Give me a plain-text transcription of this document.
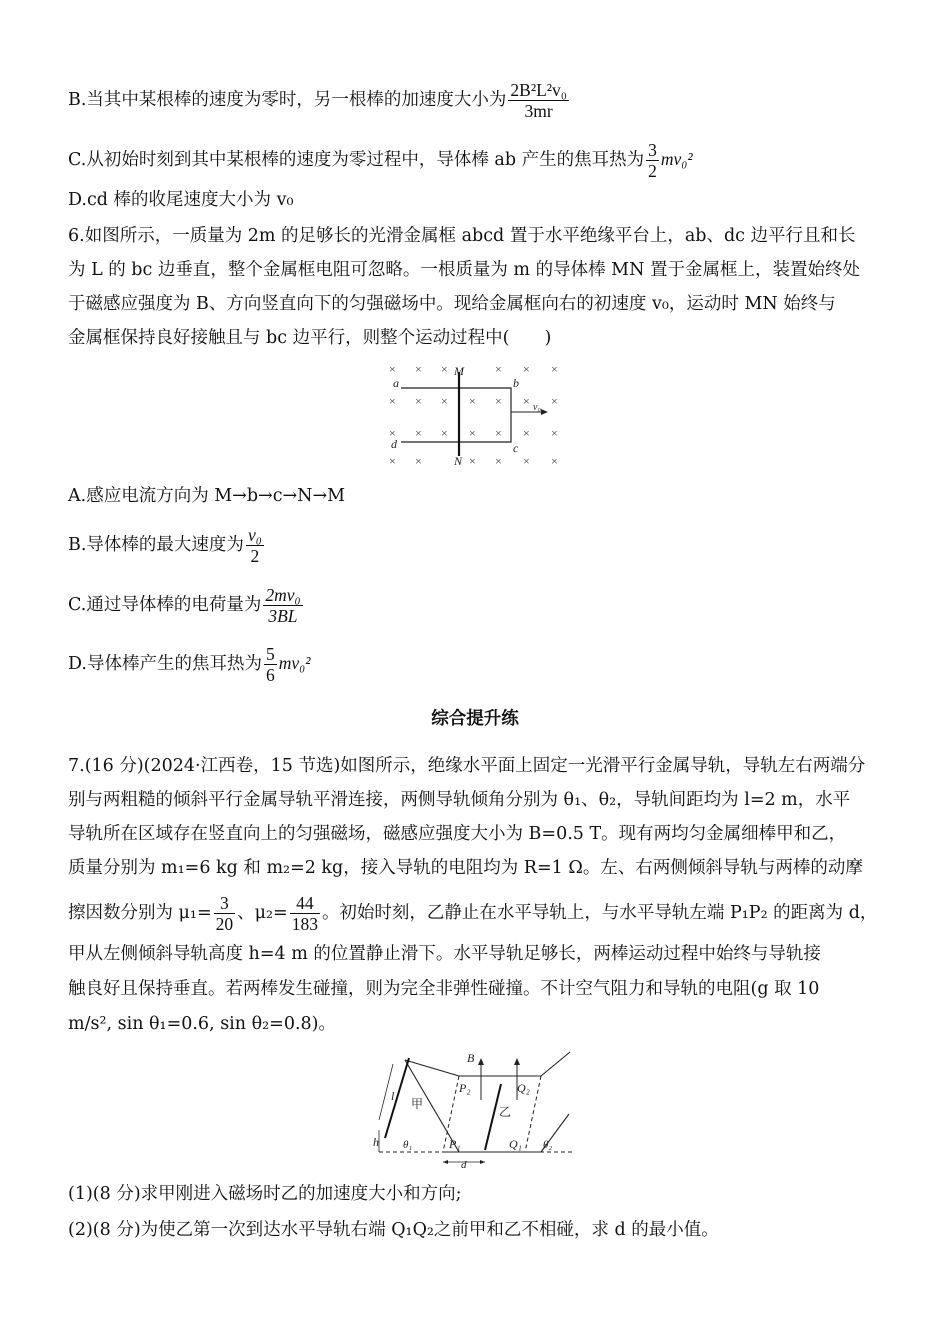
B.当其中某根棒的速度为零时，另一根棒的加速度大小为 $\frac{\text{2B²L²v₀}}{3mr}$
C.从初始时刻到其中某根棒的速度为零过程中，导体棒 ab 产生的焦耳热为 $\frac{3}{2} mv_0^2$
D.cd 棒的收尾速度大小为 v₀
6.如图所示，一质量为 2m 的足够长的光滑金属框 abcd 置于水平绝缘平台上，ab、dc 边平行且和长
为 L 的 bc 边垂直，整个金属框电阻可忽略。一根质量为 m 的导体棒 MN 置于金属框上，装置始终处
于磁感应强度为 B、方向竖直向下的匀强磁场中。现给金属框向右的初速度 v₀，运动时 MN 始终与
金属框保持良好接触且与 bc 边平行，则整个运动过程中(　　)
× × ×	× × ×
× × × × × × ×
× × × × × × ×
× ×	× × × ×
a	b
c
d
M
N
v₀
A.感应电流方向为 M→b→c→N→M
B.导体棒的最大速度为 $\frac{\text{v₀}}{2}$
C.通过导体棒的电荷量为 $\frac{\text{2mv₀}}{3BL}$
D.导体棒产生的焦耳热为 $\frac{5}{6} mv_0^2$
综合提升练
7.(16 分)(2024·江西卷，15 节选)如图所示，绝缘水平面上固定一光滑平行金属导轨，导轨左右两端分
别与两粗糙的倾斜平行金属导轨平滑连接，两侧导轨倾角分别为 θ₁、θ₂，导轨间距均为 l=2 m，水平
导轨所在区域存在竖直向上的匀强磁场，磁感应强度大小为 B=0.5 T。现有两均匀金属细棒甲和乙，
质量分别为 m₁=6 kg 和 m₂=2 kg，接入导轨的电阻均为 R=1 Ω。左、右两侧倾斜导轨与两棒的动摩
擦因数分别为 $\mu_1= \frac{3}{20}$ 、$\mu_2= \frac{44}{183}$ 。初始时刻，乙静止在水平导轨上，与水平导轨左端 P₁P₂ 的距离为 d，
甲从左侧倾斜导轨高度 h=4 m 的位置静止滑下。水平导轨足够长，两棒运动过程中始终与导轨接
触良好且保持垂直。若两棒发生碰撞，则为完全非弹性碰撞。不计空气阻力和导轨的电阻(g 取 10
m/s², sin θ₁=0.6, sin θ₂=0.8)。
l
h
甲
乙
B
P₁
P₂
Q₁
Q₂
θ₁	θ₂
d
(1)(8 分)求甲刚进入磁场时乙的加速度大小和方向;
(2)(8 分)为使乙第一次到达水平导轨右端 Q₁Q₂之前甲和乙不相碰，求 d 的最小值。
